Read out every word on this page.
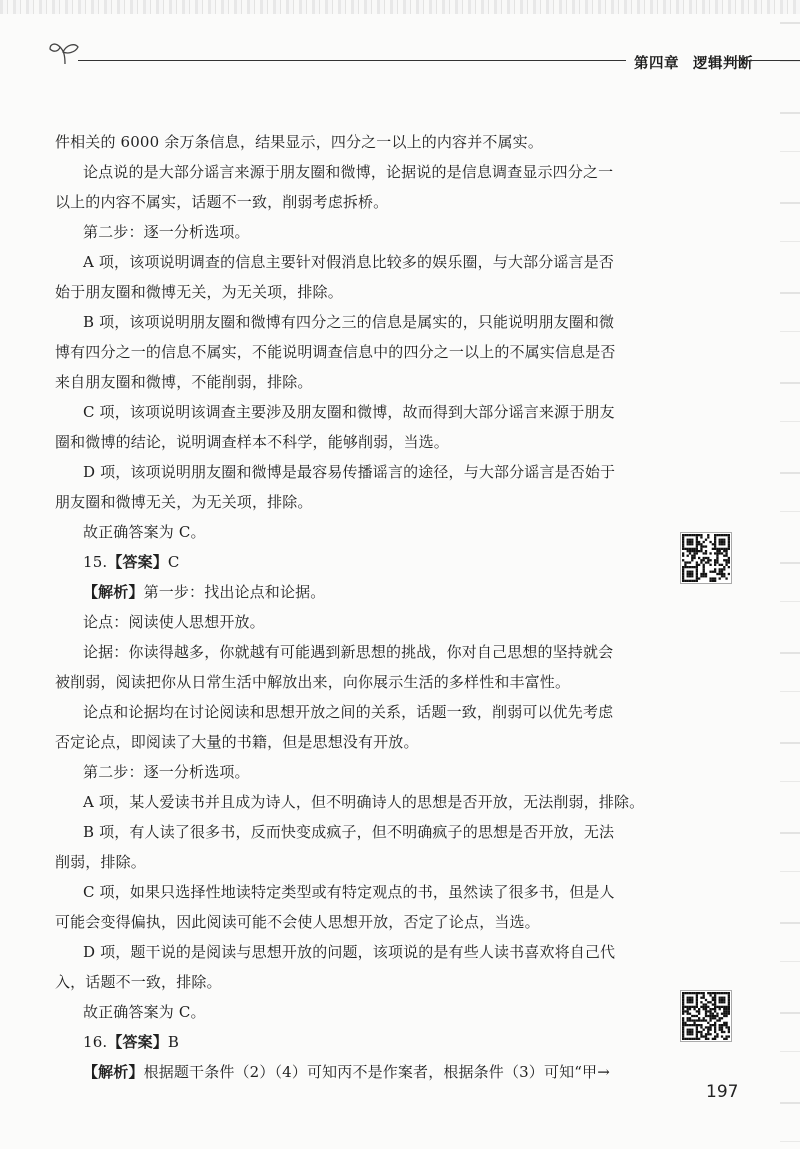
第四章 逻辑判断
件相关的 6000 余万条信息，结果显示，四分之一以上的内容并不属实。
论点说的是大部分谣言来源于朋友圈和微博，论据说的是信息调查显示四分之一
以上的内容不属实，话题不一致，削弱考虑拆桥。
第二步：逐一分析选项。
A 项，该项说明调查的信息主要针对假消息比较多的娱乐圈，与大部分谣言是否
始于朋友圈和微博无关，为无关项，排除。
B 项，该项说明朋友圈和微博有四分之三的信息是属实的，只能说明朋友圈和微
博有四分之一的信息不属实，不能说明调查信息中的四分之一以上的不属实信息是否
来自朋友圈和微博，不能削弱，排除。
C 项，该项说明该调查主要涉及朋友圈和微博，故而得到大部分谣言来源于朋友
圈和微博的结论，说明调查样本不科学，能够削弱，当选。
D 项，该项说明朋友圈和微博是最容易传播谣言的途径，与大部分谣言是否始于
朋友圈和微博无关，为无关项，排除。
故正确答案为 C。
15.【答案】C
【解析】第一步：找出论点和论据。
论点：阅读使人思想开放。
论据：你读得越多，你就越有可能遇到新思想的挑战，你对自己思想的坚持就会
被削弱，阅读把你从日常生活中解放出来，向你展示生活的多样性和丰富性。
论点和论据均在讨论阅读和思想开放之间的关系，话题一致，削弱可以优先考虑
否定论点，即阅读了大量的书籍，但是思想没有开放。
第二步：逐一分析选项。
A 项，某人爱读书并且成为诗人，但不明确诗人的思想是否开放，无法削弱，排除。
B 项，有人读了很多书，反而快变成疯子，但不明确疯子的思想是否开放，无法
削弱，排除。
C 项，如果只选择性地读特定类型或有特定观点的书，虽然读了很多书，但是人
可能会变得偏执，因此阅读可能不会使人思想开放，否定了论点，当选。
D 项，题干说的是阅读与思想开放的问题，该项说的是有些人读书喜欢将自己代
入，话题不一致，排除。
故正确答案为 C。
16.【答案】B
【解析】根据题干条件（2）（4）可知丙不是作案者，根据条件（3）可知“甲→
197
